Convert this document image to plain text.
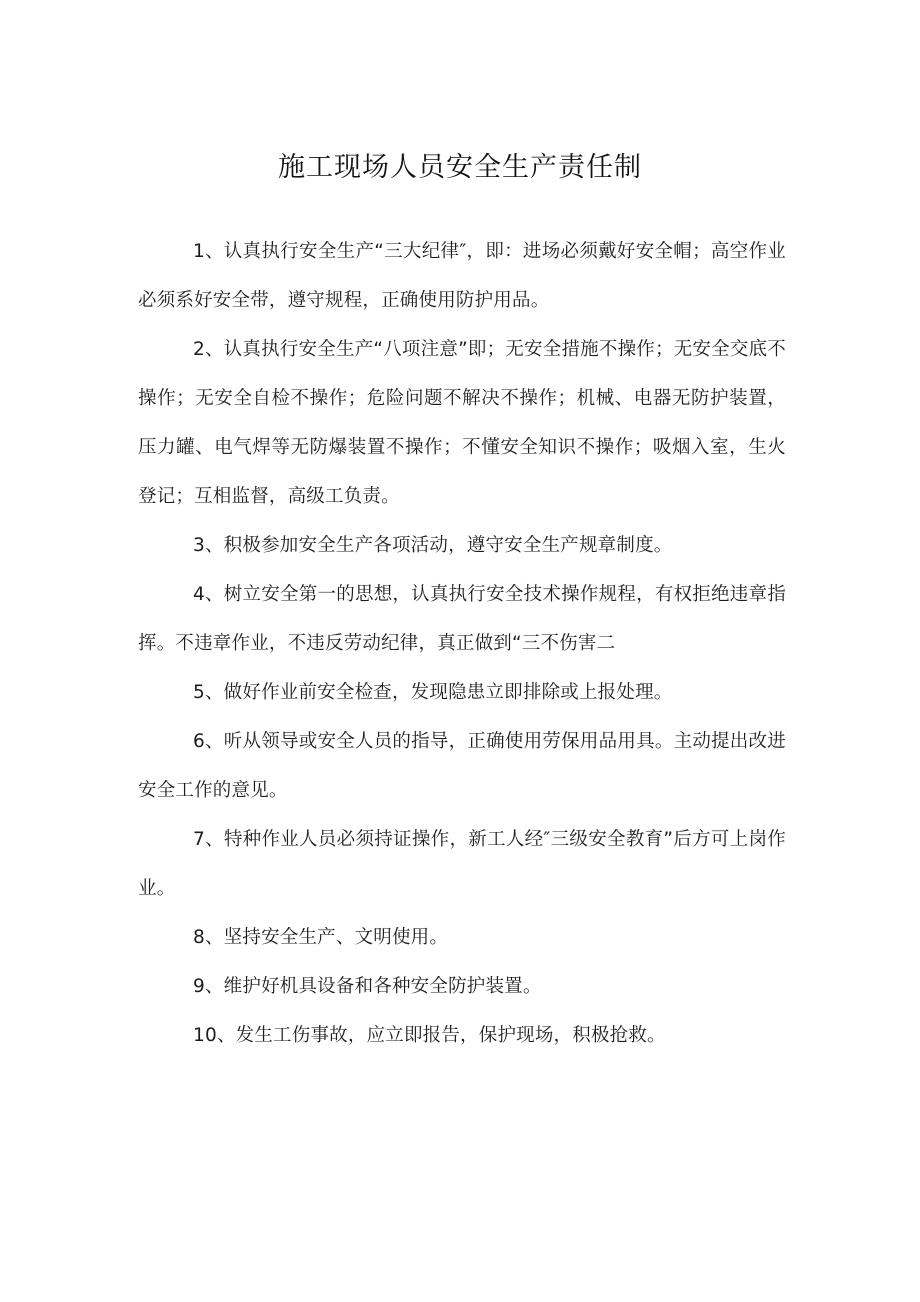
施工现场人员安全生产责任制

1、认真执行安全生产“三大纪律″，即：进场必须戴好安全帽；高空作业必须系好安全带，遵守规程，正确使用防护用品。

2、认真执行安全生产“八项注意”即；无安全措施不操作；无安全交底不操作；无安全自检不操作；危险问题不解决不操作；机械、电器无防护装置，压力罐、电气焊等无防爆装置不操作；不懂安全知识不操作；吸烟入室，生火登记；互相监督，高级工负责。

3、积极参加安全生产各项活动，遵守安全生产规章制度。

4、树立安全第一的思想，认真执行安全技术操作规程，有权拒绝违章指挥。不违章作业，不违反劳动纪律，真正做到“三不伤害二

5、做好作业前安全检查，发现隐患立即排除或上报处理。

6、听从领导或安全人员的指导，正确使用劳保用品用具。主动提出改进安全工作的意见。

7、特种作业人员必须持证操作，新工人经″三级安全教育”后方可上岗作业。

8、坚持安全生产、文明使用。

9、维护好机具设备和各种安全防护装置。

10、发生工伤事故，应立即报告，保护现场，积极抢救。
